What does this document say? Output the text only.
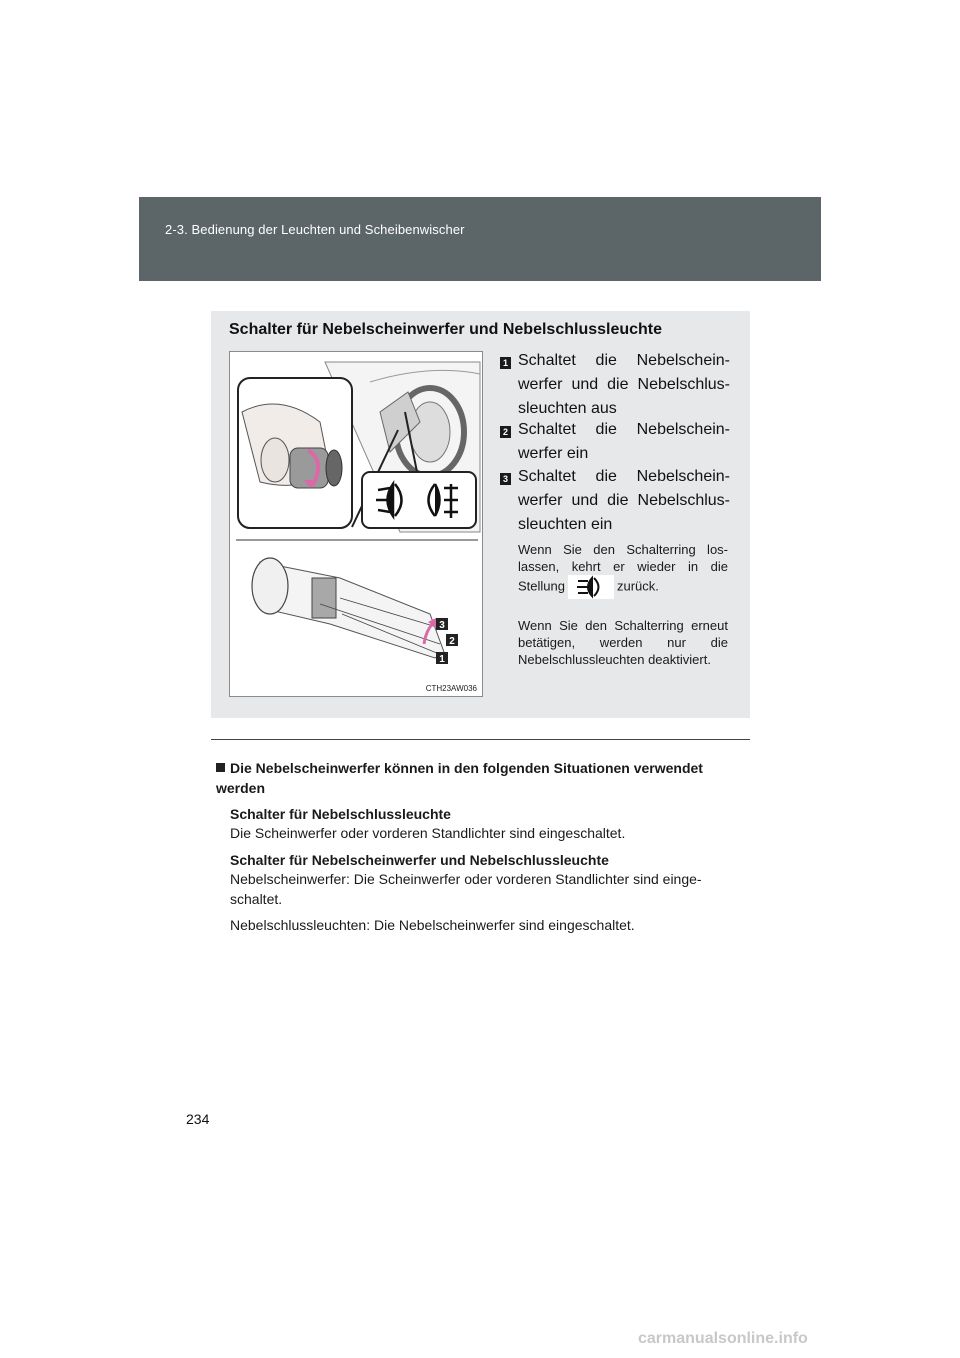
2-3. Bedienung der Leuchten und Scheibenwischer
Schalter für Nebelscheinwerfer und Nebelschlussleuchte
3
2
1
CTH23AW036
1 Schaltet die Nebelschein-werfer und die Nebelschlus-sleuchten aus
2 Schaltet die Nebelschein-werfer ein
3 Schaltet die Nebelschein-werfer und die Nebelschlus-sleuchten ein
Wenn Sie den Schalterring los-lassen, kehrt er wieder in die Stellung	zurück.
Wenn Sie den Schalterring erneut betätigen, werden nur die Nebelschlussleuchten deaktiviert.
Die Nebelscheinwerfer können in den folgenden Situationen verwendet werden
Schalter für Nebelschlussleuchte
Die Scheinwerfer oder vorderen Standlichter sind eingeschaltet.
Schalter für Nebelscheinwerfer und Nebelschlussleuchte
Nebelscheinwerfer: Die Scheinwerfer oder vorderen Standlichter sind einge-schaltet.
Nebelschlussleuchten: Die Nebelscheinwerfer sind eingeschaltet.
234
carmanualsonline.info
